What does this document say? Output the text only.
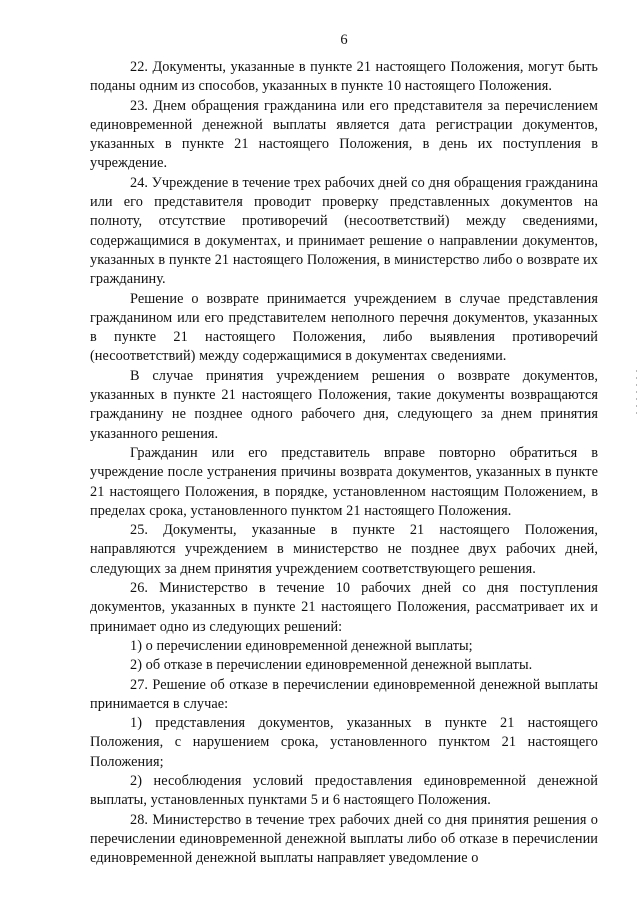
6

22. Документы, указанные в пункте 21 настоящего Положения, могут быть поданы одним из способов, указанных в пункте 10 настоящего Положения.

23. Днем обращения гражданина или его представителя за перечислением единовременной денежной выплаты является дата регистрации документов, указанных в пункте 21 настоящего Положения, в день их поступления в учреждение.

24. Учреждение в течение трех рабочих дней со дня обращения гражданина или его представителя проводит проверку представленных документов на полноту, отсутствие противоречий (несоответствий) между сведениями, содержащимися в документах, и принимает решение о направлении документов, указанных в пункте 21 настоящего Положения, в министерство либо о возврате их гражданину.

Решение о возврате принимается учреждением в случае представления гражданином или его представителем неполного перечня документов, указанных в пункте 21 настоящего Положения, либо выявления противоречий (несоответствий) между содержащимися в документах сведениями.

В случае принятия учреждением решения о возврате документов, указанных в пункте 21 настоящего Положения, такие документы возвращаются гражданину не позднее одного рабочего дня, следующего за днем принятия указанного решения.

Гражданин или его представитель вправе повторно обратиться в учреждение после устранения причины возврата документов, указанных в пункте 21 настоящего Положения, в порядке, установленном настоящим Положением, в пределах срока, установленного пунктом 21 настоящего Положения.

25. Документы, указанные в пункте 21 настоящего Положения, направляются учреждением в министерство не позднее двух рабочих дней, следующих за днем принятия учреждением соответствующего решения.

26. Министерство в течение 10 рабочих дней со дня поступления документов, указанных в пункте 21 настоящего Положения, рассматривает их и принимает одно из следующих решений:

1) о перечислении единовременной денежной выплаты;

2) об отказе в перечислении единовременной денежной выплаты.

27. Решение об отказе в перечислении единовременной денежной выплаты принимается в случае:

1) представления документов, указанных в пункте 21 настоящего Положения, с нарушением срока, установленного пунктом 21 настоящего Положения;

2) несоблюдения условий предоставления единовременной денежной выплаты, установленных пунктами 5 и 6 настоящего Положения.

28. Министерство в течение трех рабочих дней со дня принятия решения о перечислении единовременной денежной выплаты либо об отказе в перечислении единовременной денежной выплаты направляет уведомление о
